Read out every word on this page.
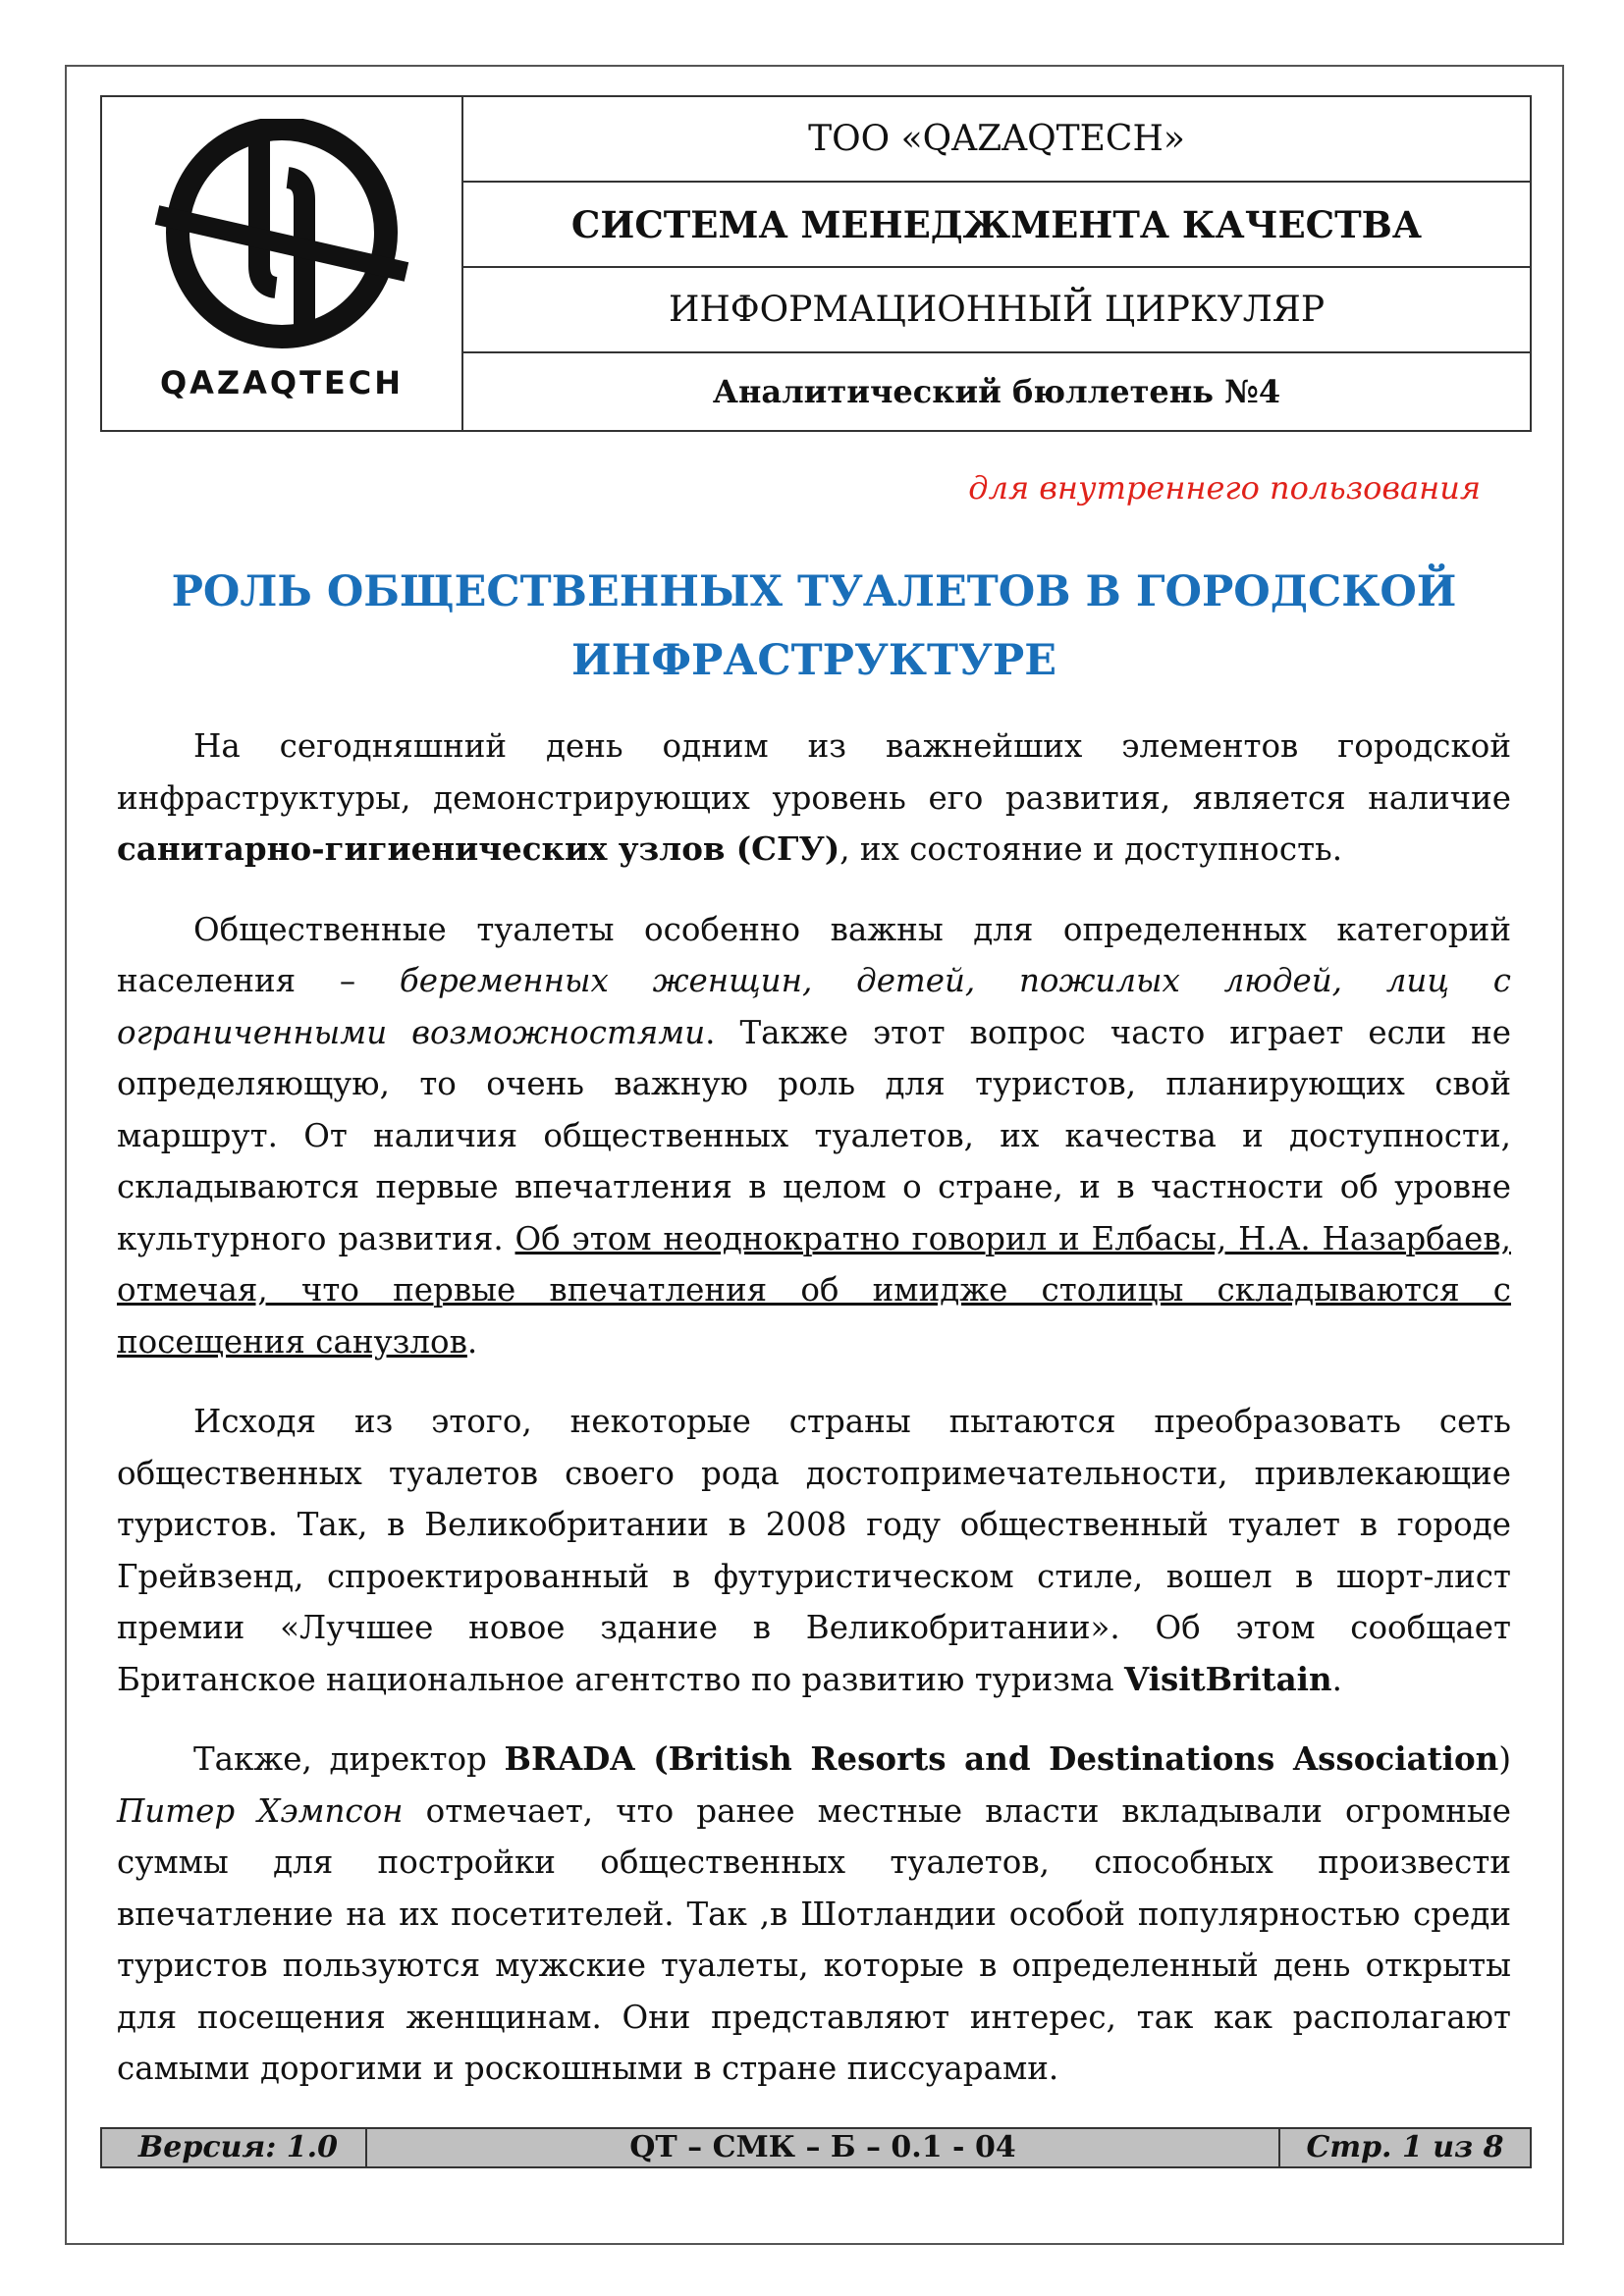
QAZAQTECH
ТОО «QAZAQTECH»
СИСТЕМА МЕНЕДЖМЕНТА КАЧЕСТВА
ИНФОРМАЦИОННЫЙ ЦИРКУЛЯР
Аналитический бюллетень №4
для внутреннего пользования
РОЛЬ ОБЩЕСТВЕННЫХ ТУАЛЕТОВ В ГОРОДСКОЙ
ИНФРАСТРУКТУРЕ

На сегодняшний день одним из важнейших элементов городской инфраструктуры, демонстрирующих уровень его развития, является наличие санитарно-гигиенических узлов (СГУ), их состояние и доступность.

Общественные туалеты особенно важны для определенных категорий населения – беременных женщин, детей, пожилых людей, лиц с ограниченными возможностями. Также этот вопрос часто играет если не определяющую, то очень важную роль для туристов, планирующих свой маршрут. От наличия общественных туалетов, их качества и доступности, складываются первые впечатления в целом о стране, и в частности об уровне культурного развития. Об этом неоднократно говорил и Елбасы, Н.А. Назарбаев, отмечая, что первые впечатления об имидже столицы складываются с посещения санузлов.

Исходя из этого, некоторые страны пытаются преобразовать сеть общественных туалетов своего рода достопримечательности, привлекающие туристов. Так, в Великобритании в 2008 году общественный туалет в городе Грейвзенд, спроектированный в футуристическом стиле, вошел в шорт-лист премии «Лучшее новое здание в Великобритании». Об этом сообщает Британское национальное агентство по развитию туризма VisitBritain.

Также, директор BRADA (British Resorts and Destinations Association) Питер Хэмпсон отмечает, что ранее местные власти вкладывали огромные суммы для постройки общественных туалетов, способных произвести впечатление на их посетителей. Так ,в Шотландии особой популярностью среди туристов пользуются мужские туалеты, которые в определенный день открыты для посещения женщинам. Они представляют интерес, так как располагают самыми дорогими и роскошными в стране писсуарами.

Версия: 1.0	QT – СМК – Б – 0.1 - 04	Стр. 1 из 8
